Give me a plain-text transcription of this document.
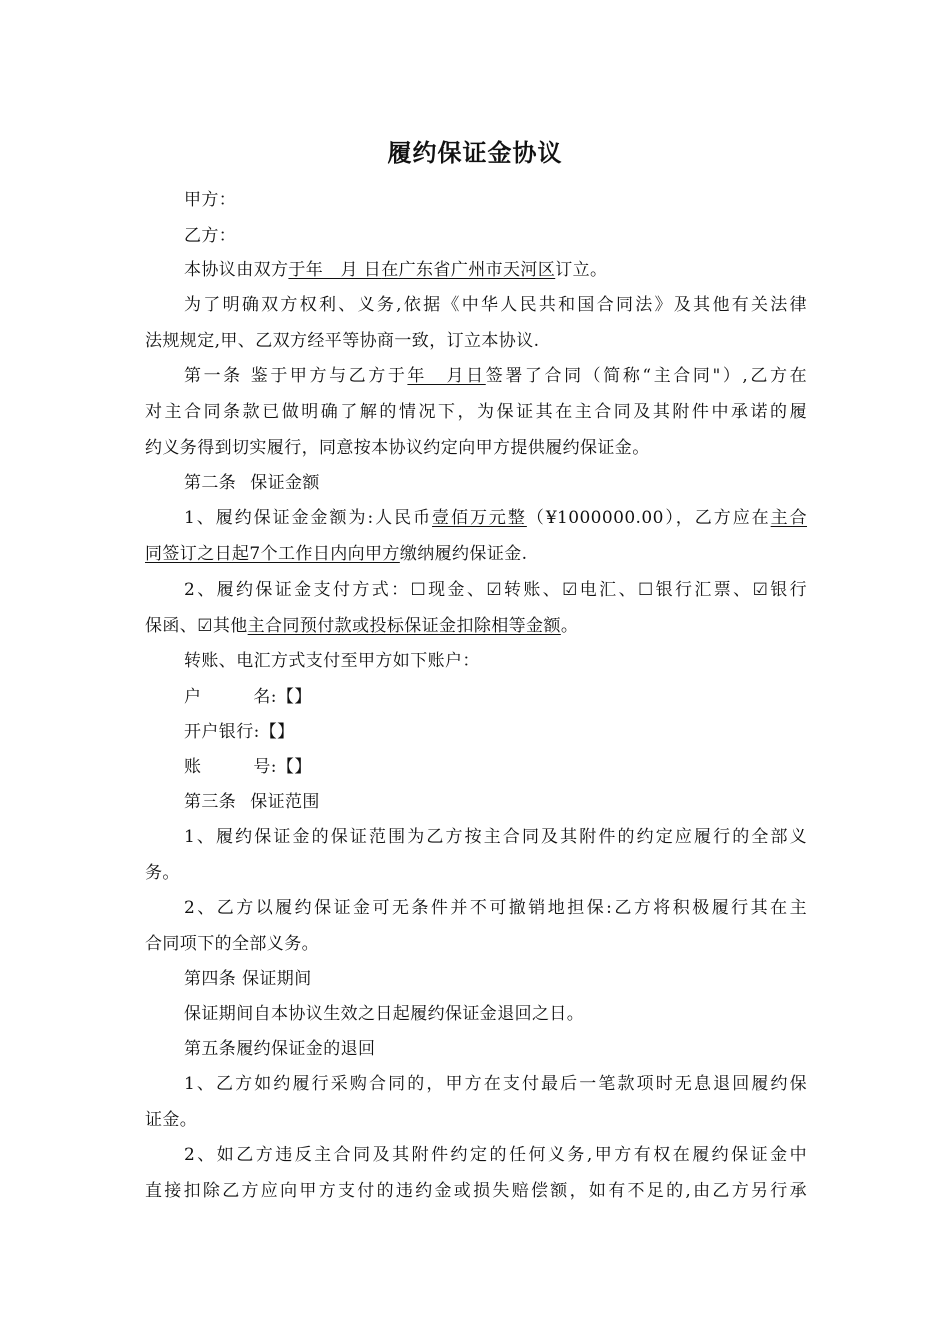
履约保证金协议
甲方：
乙方：
本协议由双方于年　月 日在广东省广州市天河区订立。
为了明确双方权利、义务,依据《中华人民共和国合同法》及其他有关法律
法规规定,甲、乙双方经平等协商一致，订立本协议.
第一条 鉴于甲方与乙方于年　月日签署了合同（简称“主合同"）,乙方在
对主合同条款已做明确了解的情况下，为保证其在主合同及其附件中承诺的履
约义务得到切实履行，同意按本协议约定向甲方提供履约保证金。
第二条 保证金额
1、履约保证金金额为:人民币壹佰万元整（¥1000000.00），乙方应在主合
同签订之日起7个工作日内向甲方缴纳履约保证金.
2、履约保证金支付方式：☐现金、☑转账、☑电汇、☐银行汇票、☑银行
保函、☑其他主合同预付款或投标保证金扣除相等金额。
转账、电汇方式支付至甲方如下账户：
户	名:【】
开户银行:【】
账	号:【】
第三条 保证范围
1、履约保证金的保证范围为乙方按主合同及其附件的约定应履行的全部义
务。
2、乙方以履约保证金可无条件并不可撤销地担保:乙方将积极履行其在主
合同项下的全部义务。
第四条 保证期间
保证期间自本协议生效之日起履约保证金退回之日。
第五条履约保证金的退回
1、乙方如约履行采购合同的，甲方在支付最后一笔款项时无息退回履约保
证金。
2、如乙方违反主合同及其附件约定的任何义务,甲方有权在履约保证金中
直接扣除乙方应向甲方支付的违约金或损失赔偿额，如有不足的,由乙方另行承
